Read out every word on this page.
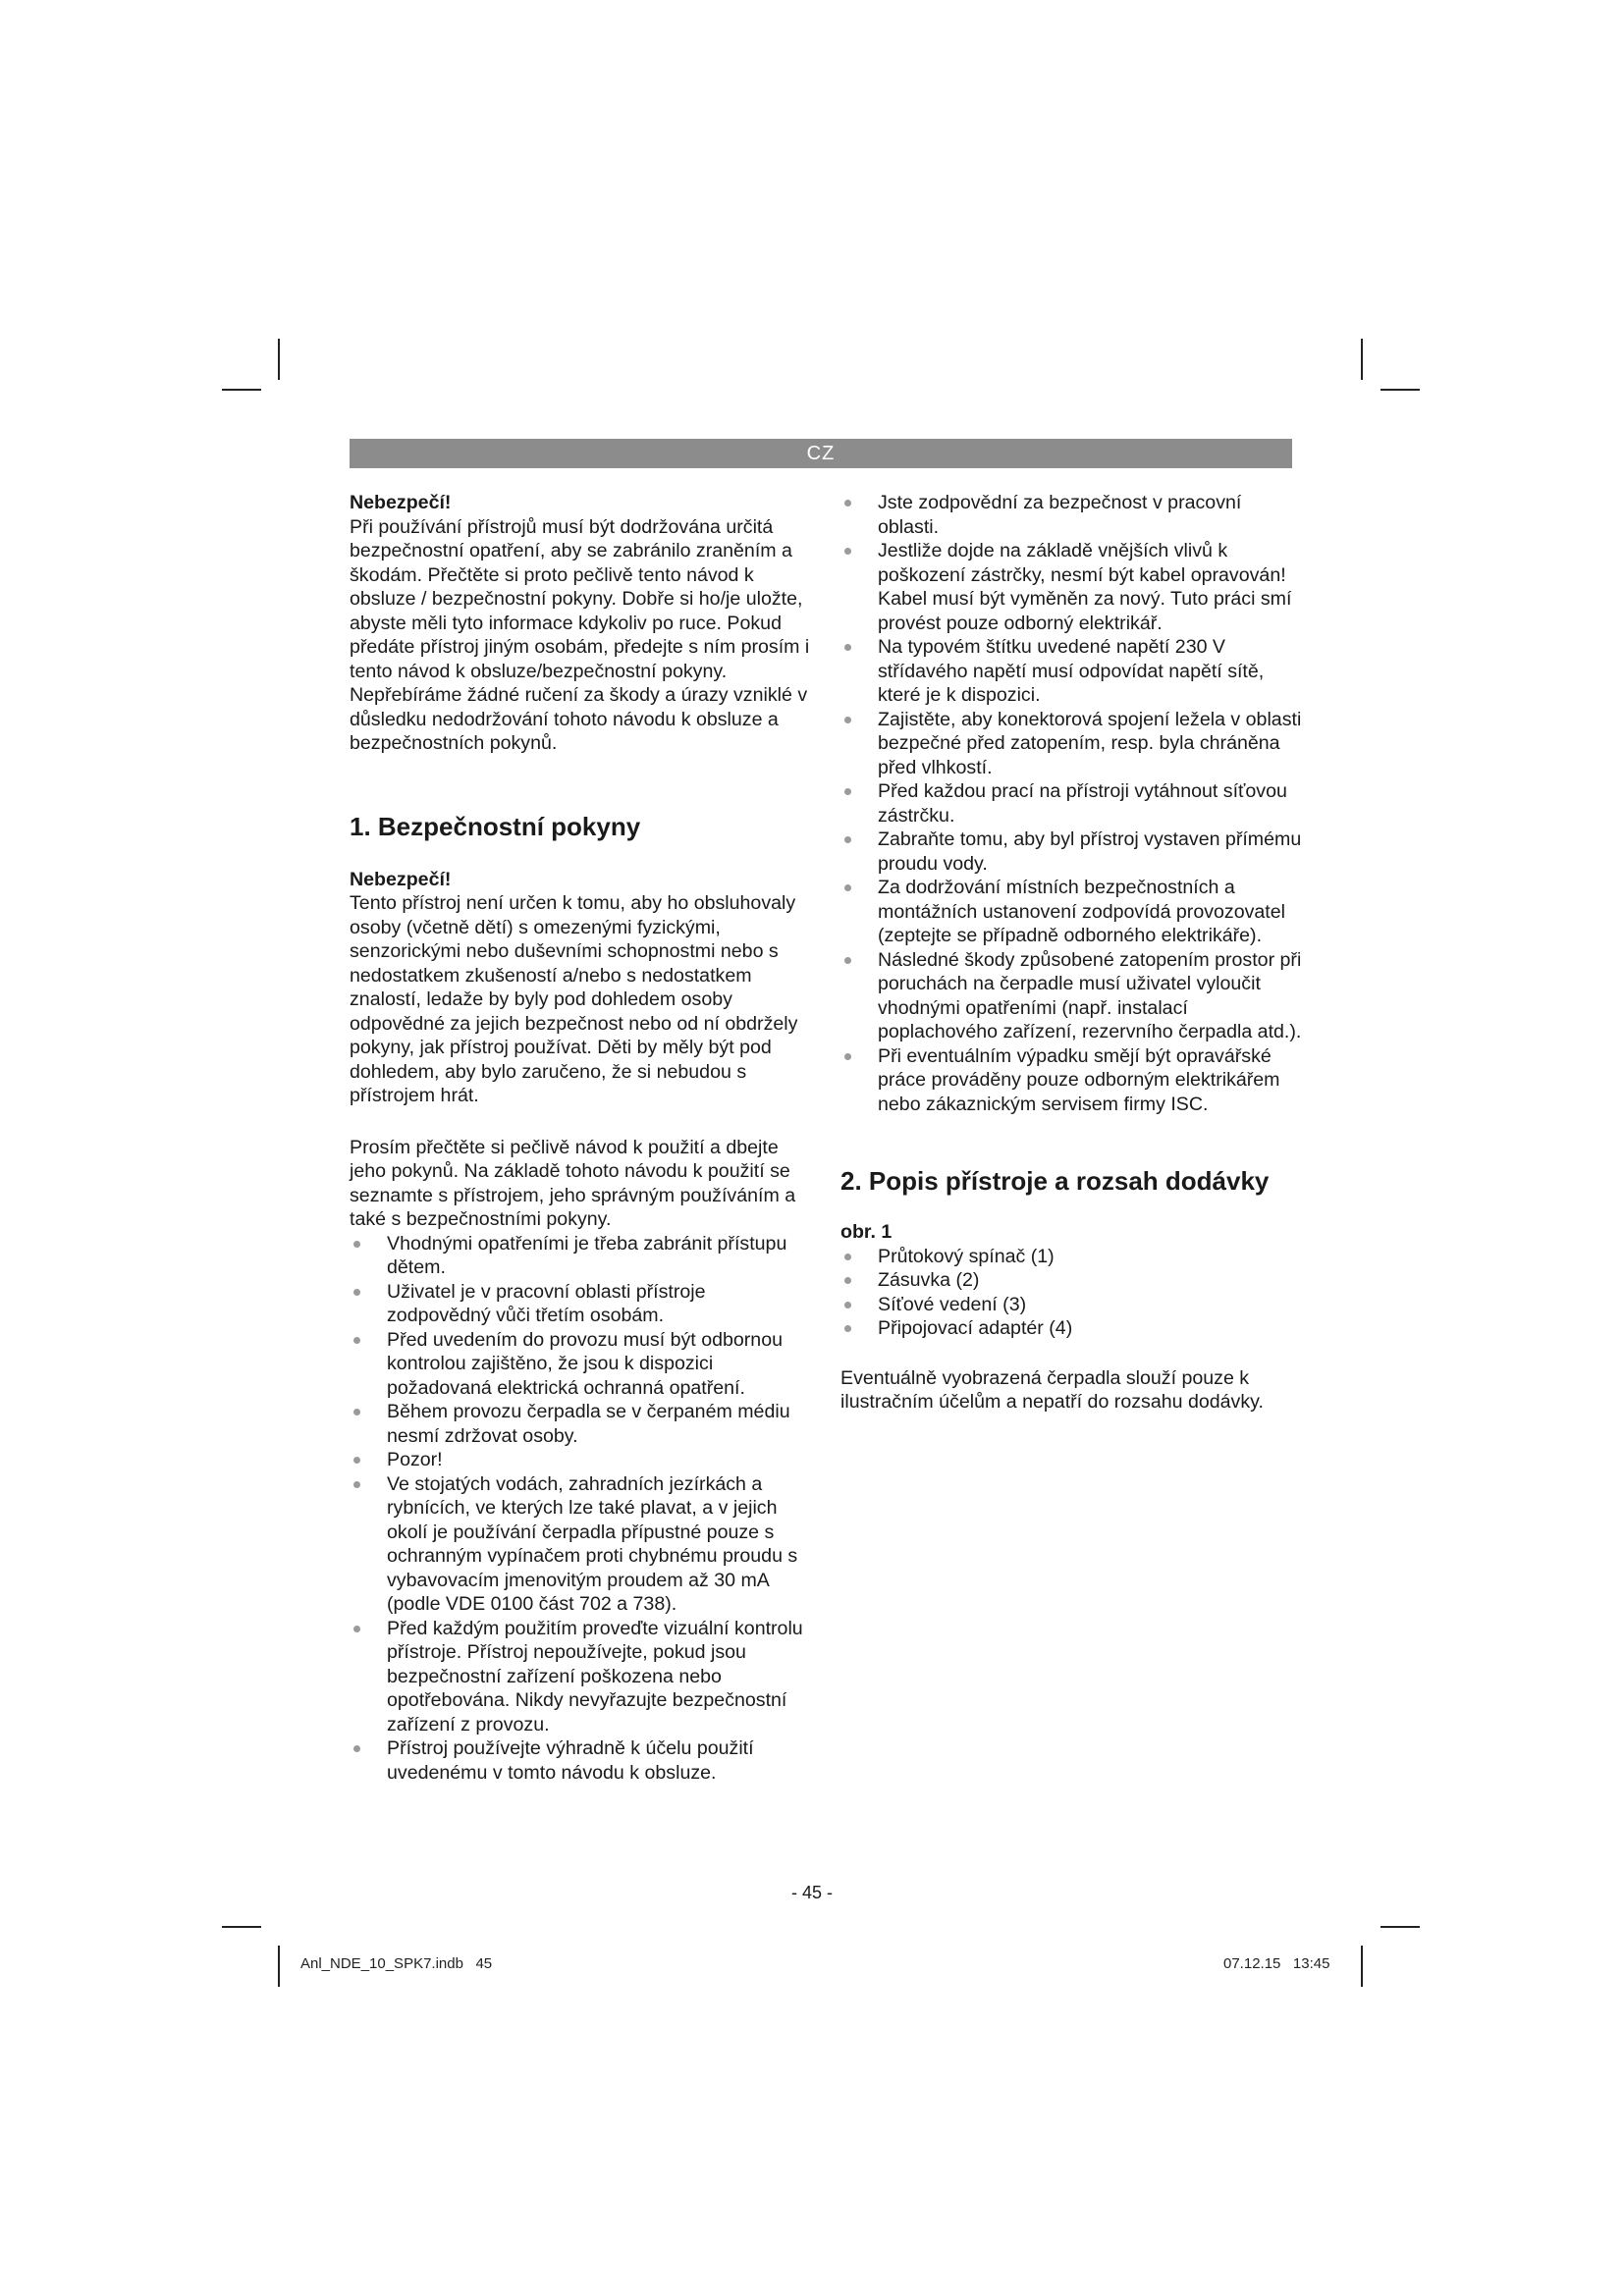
CZ

Nebezpečí!

Při používání přístrojů musí být dodržována určitá bezpečnostní opatření, aby se zabránilo zraněním a škodám. Přečtěte si proto pečlivě tento návod k obsluze / bezpečnostní pokyny. Dobře si ho/je uložte, abyste měli tyto informace kdykoliv po ruce. Pokud předáte přístroj jiným osobám, předejte s ním prosím i tento návod k obsluze/bezpečnostní pokyny. Nepřebíráme žádné ručení za škody a úrazy vzniklé v důsledku nedodržování tohoto návodu k obsluze a bezpečnostních pokynů.

1. Bezpečnostní pokyny

Nebezpečí!

Tento přístroj není určen k tomu, aby ho obsluhovaly osoby (včetně dětí) s omezenými fyzickými, senzorickými nebo duševními schopnostmi nebo s nedostatkem zkušeností a/nebo s nedostatkem znalostí, ledaže by byly pod dohledem osoby odpovědné za jejich bezpečnost nebo od ní obdržely pokyny, jak přístroj používat. Děti by měly být pod dohledem, aby bylo zaručeno, že si nebudou s přístrojem hrát.

Prosím přečtěte si pečlivě návod k použití a dbejte jeho pokynů. Na základě tohoto návodu k použití se seznamte s přístrojem, jeho správným používáním a také s bezpečnostními pokyny.

Vhodnými opatřeními je třeba zabránit přístupu dětem.
Uživatel je v pracovní oblasti přístroje zodpovědný vůči třetím osobám.
Před uvedením do provozu musí být odbornou kontrolou zajištěno, že jsou k dispozici požadovaná elektrická ochranná opatření.
Během provozu čerpadla se v čerpaném médiu nesmí zdržovat osoby.
Pozor!
Ve stojatých vodách, zahradních jezírkách a rybnících, ve kterých lze také plavat, a v jejich okolí je používání čerpadla přípustné pouze s ochranným vypínačem proti chybnému proudu s vybavovacím jmenovitým proudem až 30 mA (podle VDE 0100 část 702 a 738).
Před každým použitím proveďte vizuální kontrolu přístroje. Přístroj nepoužívejte, pokud jsou bezpečnostní zařízení poškozena nebo opotřebována. Nikdy nevyřazujte bezpečnostní zařízení z provozu.
Přístroj používejte výhradně k účelu použití uvedenému v tomto návodu k obsluze.
Jste zodpovědní za bezpečnost v pracovní oblasti.
Jestliže dojde na základě vnějších vlivů k poškození zástrčky, nesmí být kabel opravován! Kabel musí být vyměněn za nový. Tuto práci smí provést pouze odborný elektrikář.
Na typovém štítku uvedené napětí 230 V střídavého napětí musí odpovídat napětí sítě, které je k dispozici.
Zajistěte, aby konektorová spojení ležela v oblasti bezpečné před zatopením, resp. byla chráněna před vlhkostí.
Před každou prací na přístroji vytáhnout síťovou zástrčku.
Zabraňte tomu, aby byl přístroj vystaven přímému proudu vody.
Za dodržování místních bezpečnostních a montážních ustanovení zodpovídá provozovatel (zeptejte se případně odborného elektrikáře).
Následné škody způsobené zatopením prostor při poruchách na čerpadle musí uživatel vyloučit vhodnými opatřeními (např. instalací poplachového zařízení, rezervního čerpadla atd.).
Při eventuálním výpadku smějí být opravářské práce prováděny pouze odborným elektrikářem nebo zákaznickým servisem firmy ISC.
2. Popis přístroje a rozsah dodávky

obr. 1

Průtokový spínač (1)
Zásuvka (2)
Síťové vedení (3)
Připojovací adaptér (4)

Eventuálně vyobrazená čerpadla slouží pouze k ilustračním účelům a nepatří do rozsahu dodávky.

- 45 -
Anl_NDE_10_SPK7.indb   45	07.12.15   13:45
